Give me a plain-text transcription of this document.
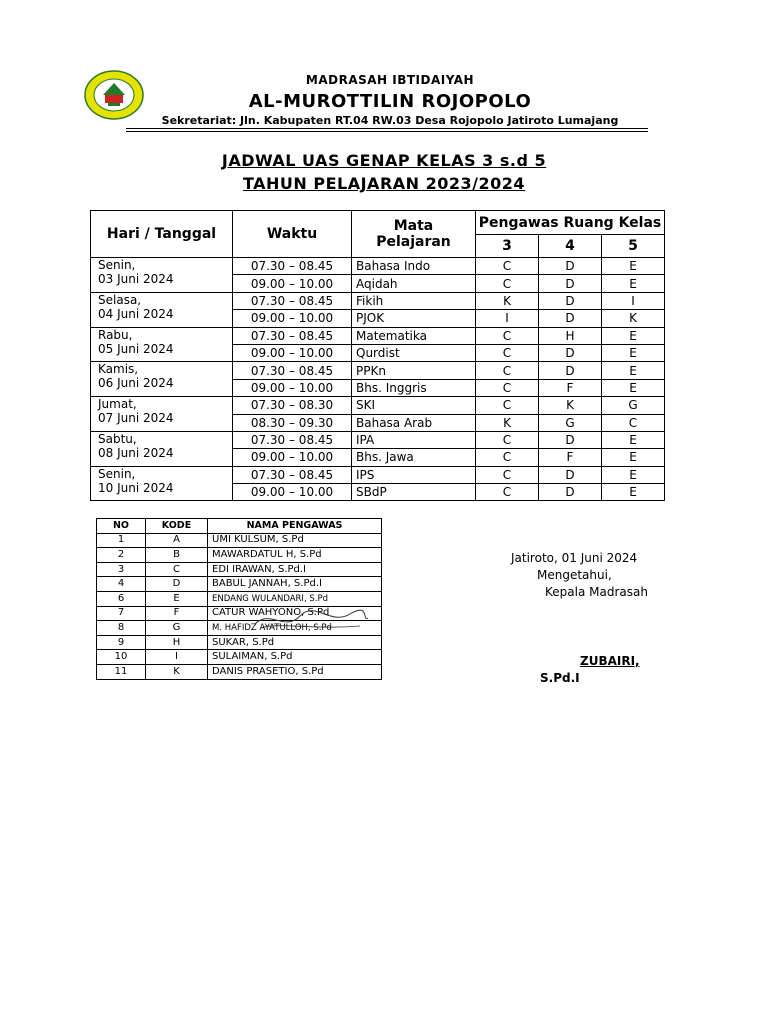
MADRASAH IBTIDAIYAH
AL-MUROTTILIN ROJOPOLO
Sekretariat: Jln. Kabupaten RT.04 RW.03 Desa Rojopolo Jatiroto Lumajang
JADWAL UAS GENAP KELAS 3 s.d 5
TAHUN PELAJARAN 2023/2024
Hari / Tanggal	Waktu	Mata
Pelajaran	Pengawas Ruang Kelas		
			3	4	5

Senin,
03 Juni 2024	07.30 – 08.45	Bahasa Indo	C	D	E
	09.00 – 10.00	Aqidah	C	D	E

Selasa,
04 Juni 2024	07.30 – 08.45	Fikih	K	D	I
	09.00 – 10.00	PJOK	I	D	K

Rabu,
05 Juni 2024	07.30 – 08.45	Matematika	C	H	E
	09.00 – 10.00	Qurdist	C	D	E

Kamis,
06 Juni 2024	07.30 – 08.45	PPKn	C	D	E
	09.00 – 10.00	Bhs. Inggris	C	F	E

Jumat,
07 Juni 2024	07.30 – 08.30	SKI	C	K	G
	08.30 – 09.30	Bahasa Arab	K	G	C

Sabtu,
08 Juni 2024	07.30 – 08.45	IPA	C	D	E
	09.00 – 10.00	Bhs. Jawa	C	F	E

Senin,
10 Juni 2024	07.30 – 08.45	IPS	C	D	E
	09.00 – 10.00	SBdP	C	D	E
NO	KODE	NAMA PENGAWAS
1	A	UMI KULSUM, S.Pd
2	B	MAWARDATUL H, S.Pd
3	C	EDI IRAWAN, S.Pd.I
4	D	BABUL JANNAH, S.Pd.I
6	E	ENDANG WULANDARI, S.Pd
7	F	CATUR WAHYONO, S.Pd
8	G	M. HAFIDZ AYATULLOH, S.Pd
9	H	SUKAR, S.Pd
10	I	SULAIMAN, S.Pd
11	K	DANIS PRASETIO, S.Pd
Jatiroto, 01 Juni 2024
Mengetahui,
Kepala Madrasah
ZUBAIRI,
S.Pd.I
